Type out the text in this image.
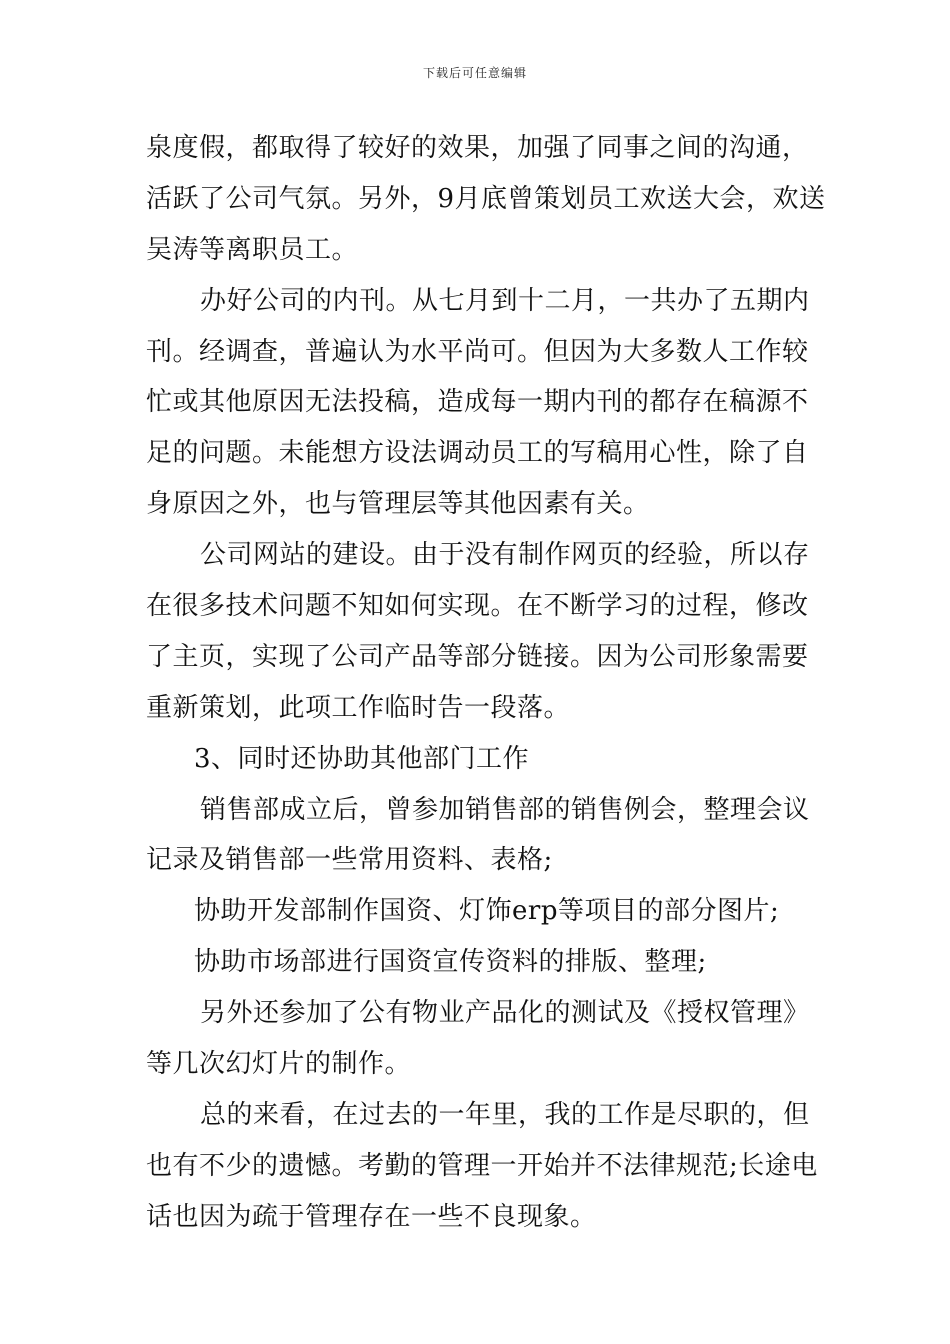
下载后可任意编辑
泉度假，都取得了较好的效果，加强了同事之间的沟通，
活跃了公司气氛。另外，9月底曾策划员工欢送大会，欢送
吴涛等离职员工。
办好公司的内刊。从七月到十二月，一共办了五期内
刊。经调查，普遍认为水平尚可。但因为大多数人工作较
忙或其他原因无法投稿，造成每一期内刊的都存在稿源不
足的问题。未能想方设法调动员工的写稿用心性，除了自
身原因之外，也与管理层等其他因素有关。
公司网站的建设。由于没有制作网页的经验，所以存
在很多技术问题不知如何实现。在不断学习的过程，修改
了主页，实现了公司产品等部分链接。因为公司形象需要
重新策划，此项工作临时告一段落。
3、同时还协助其他部门工作
销售部成立后，曾参加销售部的销售例会，整理会议
记录及销售部一些常用资料、表格;
协助开发部制作国资、灯饰erp等项目的部分图片;
协助市场部进行国资宣传资料的排版、整理;
另外还参加了公有物业产品化的测试及《授权管理》
等几次幻灯片的制作。
总的来看，在过去的一年里，我的工作是尽职的，但
也有不少的遗憾。考勤的管理一开始并不法律规范;长途电
话也因为疏于管理存在一些不良现象。
